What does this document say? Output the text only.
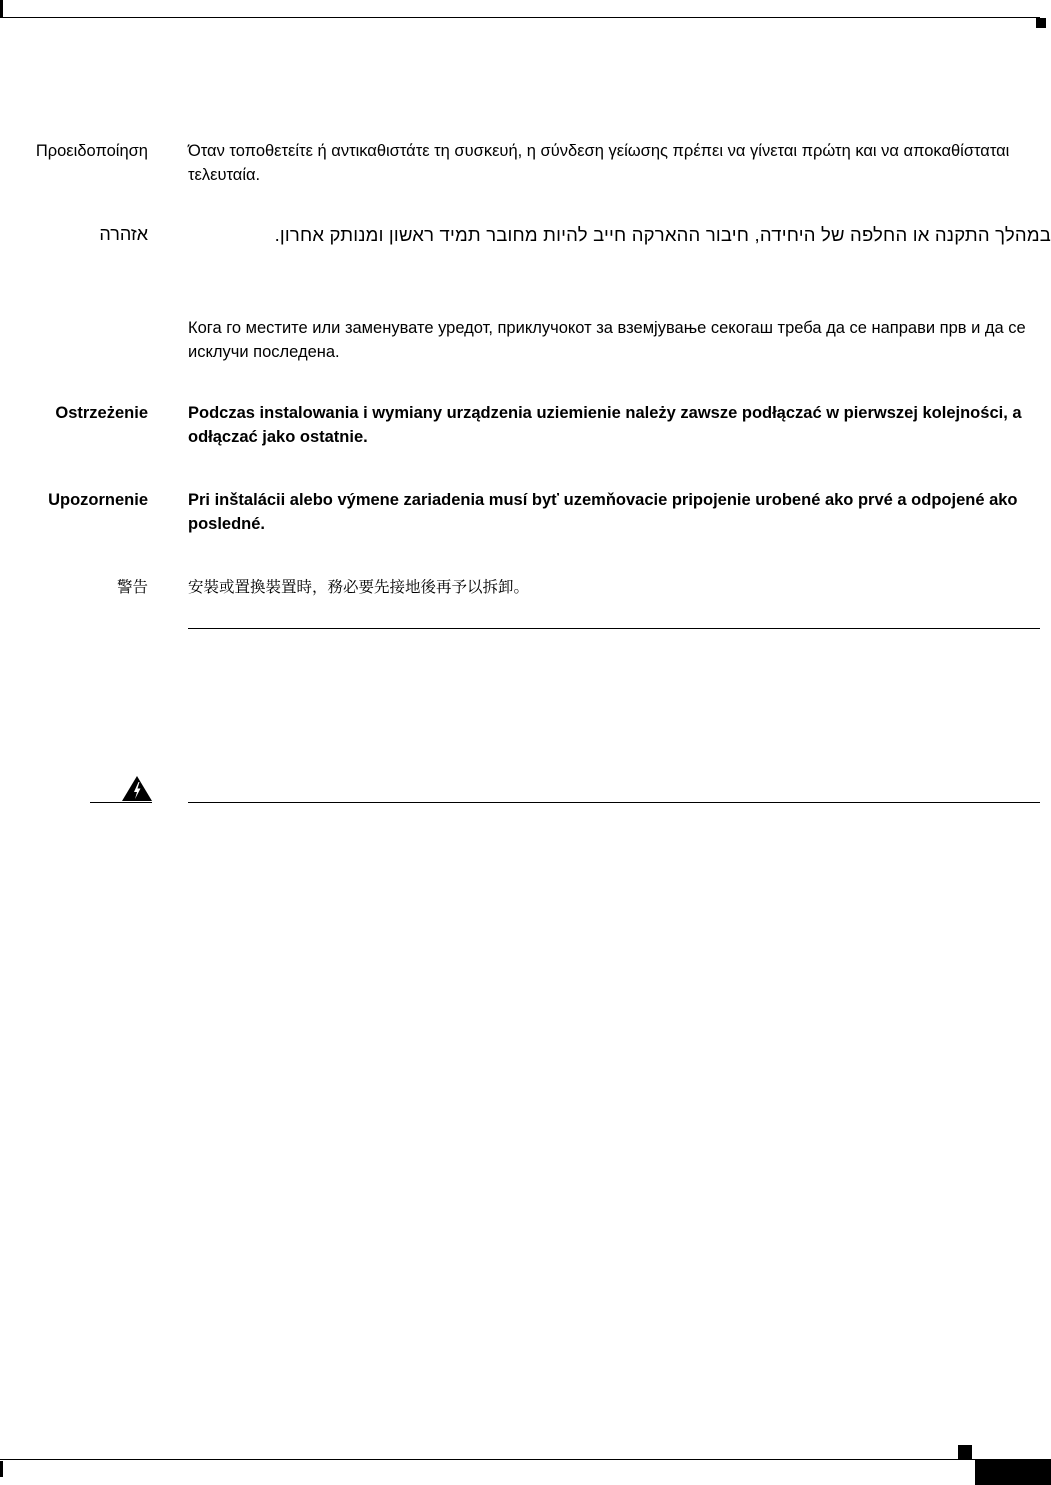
Προειδοποίηση Όταν τοποθετείτε ή αντικαθιστάτε τη συσκευή, η σύνδεση γείωσης πρέπει να γίνεται πρώτη και να αποκαθίσταται τελευταία.
אזהרה	במהלך התקנה או החלפה של היחידה, חיבור ההארקה חייב להיות מחובר תמיד ראשון ומנותק אחרון.
Кога го местите или заменувате уредот, приклучокот за вземјување секогаш треба да се направи прв и да се исклучи последена.
Ostrzeżenie Podczas instalowania i wymiany urządzenia uziemienie należy zawsze podłączać w pierwszej kolejności, a odłączać jako ostatnie.
Upozornenie Pri inštalácii alebo výmene zariadenia musí byť uzemňovacie pripojenie urobené ako prvé a odpojené ako posledné.
警告	安裝或置換裝置時，務必要先接地後再予以拆卸。
